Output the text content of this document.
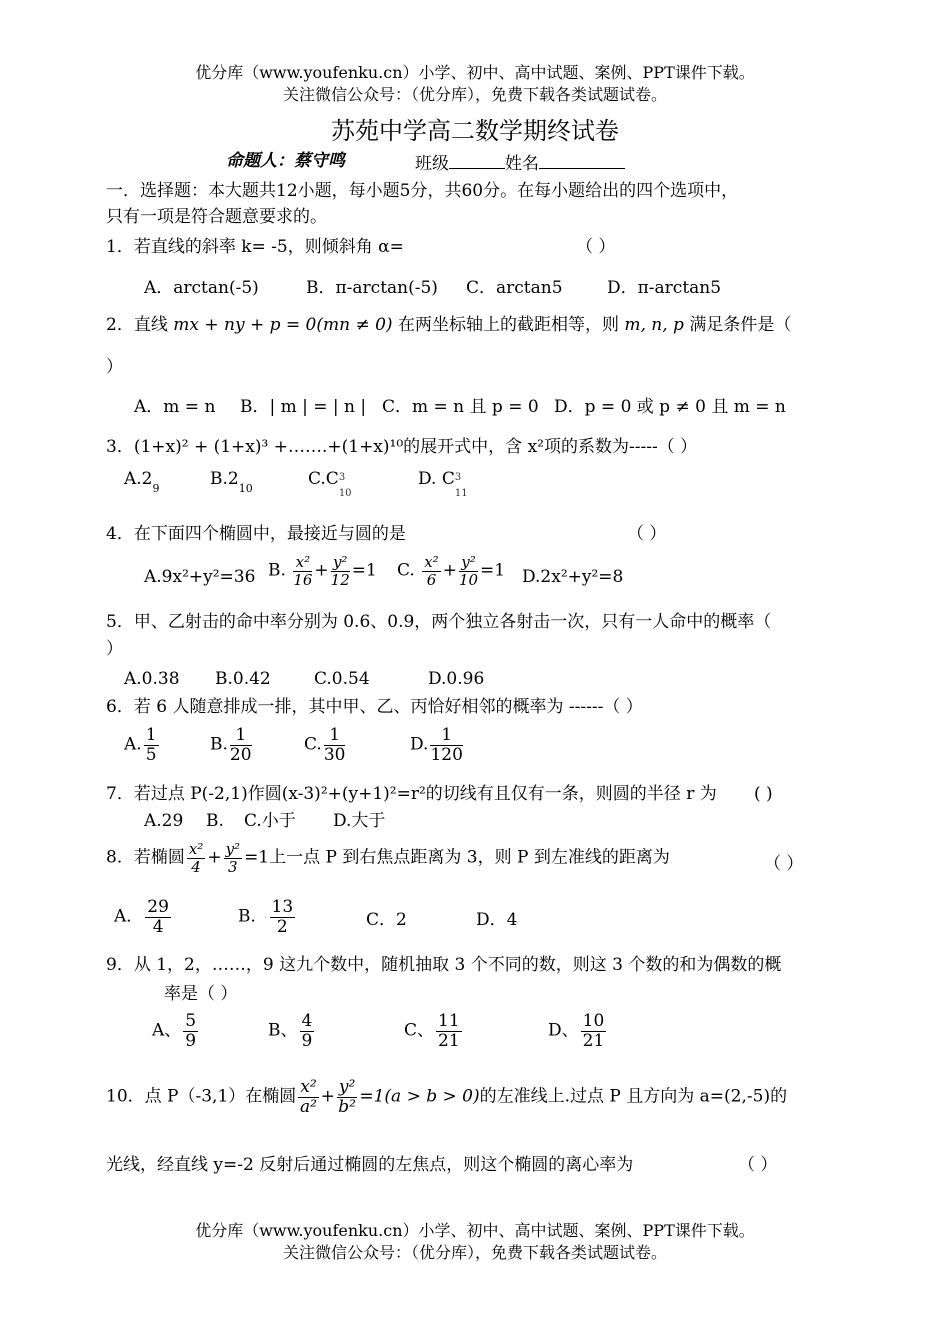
优分库（www.youfenku.cn）小学、初中、高中试题、案例、PPT课件下载。
关注微信公众号：（优分库），免费下载各类试题试卷。
苏苑中学高二数学期终试卷
命题人：蔡守鸣	班级	姓名
一．选择题：本大题共12小题，每小题5分，共60分。在每小题给出的四个选项中，
只有一项是符合题意要求的。
1．若直线的斜率 k= -5，则倾斜角 α=	（ ）
A．arctan(-5)	B．π-arctan(-5) C．arctan5	D．π-arctan5
2．直线 mx + ny + p = 0(mn ≠ 0) 在两坐标轴上的截距相等，则 m, n, p 满足条件是（
）
A．m = n B．| m | = | n | C．m = n 且 p = 0 D．p = 0 或 p ≠ 0 且 m = n
3．(1+x)² + (1+x)³ +…….+(1+x)¹⁰的展开式中，含 x²项的系数为-----（ ）
$A.2_9$	$B.2_{10}$	C.C 3
10
D. C 3
11
4．在下面四个椭圆中，最接近与圆的是	（ ）
A.9x²+y²=36 B. $\frac{\text{x²}}{16} + \frac{\text{y²}}{12} =1$ C. $\frac{\text{x²}}{6} + \frac{\text{y²}}{10} =1$ D.2x²+y²=8
5．甲、乙射击的命中率分别为 0.6、0.9，两个独立各射击一次，只有一人命中的概率（
）
A.0.38 B.0.42	C.0.54	D.0.96
6．若 6 人随意排成一排，其中甲、乙、丙恰好相邻的概率为 ------（ ）
A. $\frac{1}{5}$	B. $\frac{1}{20}$	C. $\frac{1}{30}$	D. $\frac{1}{120}$
7．若过点 P(-2,1)作圆(x-3)²+(y+1)²=r²的切线有且仅有一条，则圆的半径 r 为 ( )
A.29 B. C.小于 D.大于
8．若椭圆 $\frac{\text{x²}}{4} + \frac{\text{y²}}{3} =1$上一点 P 到右焦点距离为 3，则 P 到左准线的距离为	（ ）
A． $\frac{29}{4}$	B． $\frac{13}{2}$	C．2	D．4
9．从 1，2，……，9 这九个数中，随机抽取 3 个不同的数，则这 3 个数的和为偶数的概
率是（ ）
A、 $\frac{5}{9}$	B、 $\frac{4}{9}$	C、 $\frac{11}{21}$	D、 $\frac{10}{21}$
10．点 P（-3,1）在椭圆 $\frac{\text{x²}}{\text{a²}} + \frac{\text{y²}}{\text{b²}} =1(a > b > 0)$的左准线上.过点 P 且方向为 a=(2,-5)的
光线，经直线 y=-2 反射后通过椭圆的左焦点，则这个椭圆的离心率为	（ ）
优分库（www.youfenku.cn）小学、初中、高中试题、案例、PPT课件下载。
关注微信公众号：（优分库），免费下载各类试题试卷。
